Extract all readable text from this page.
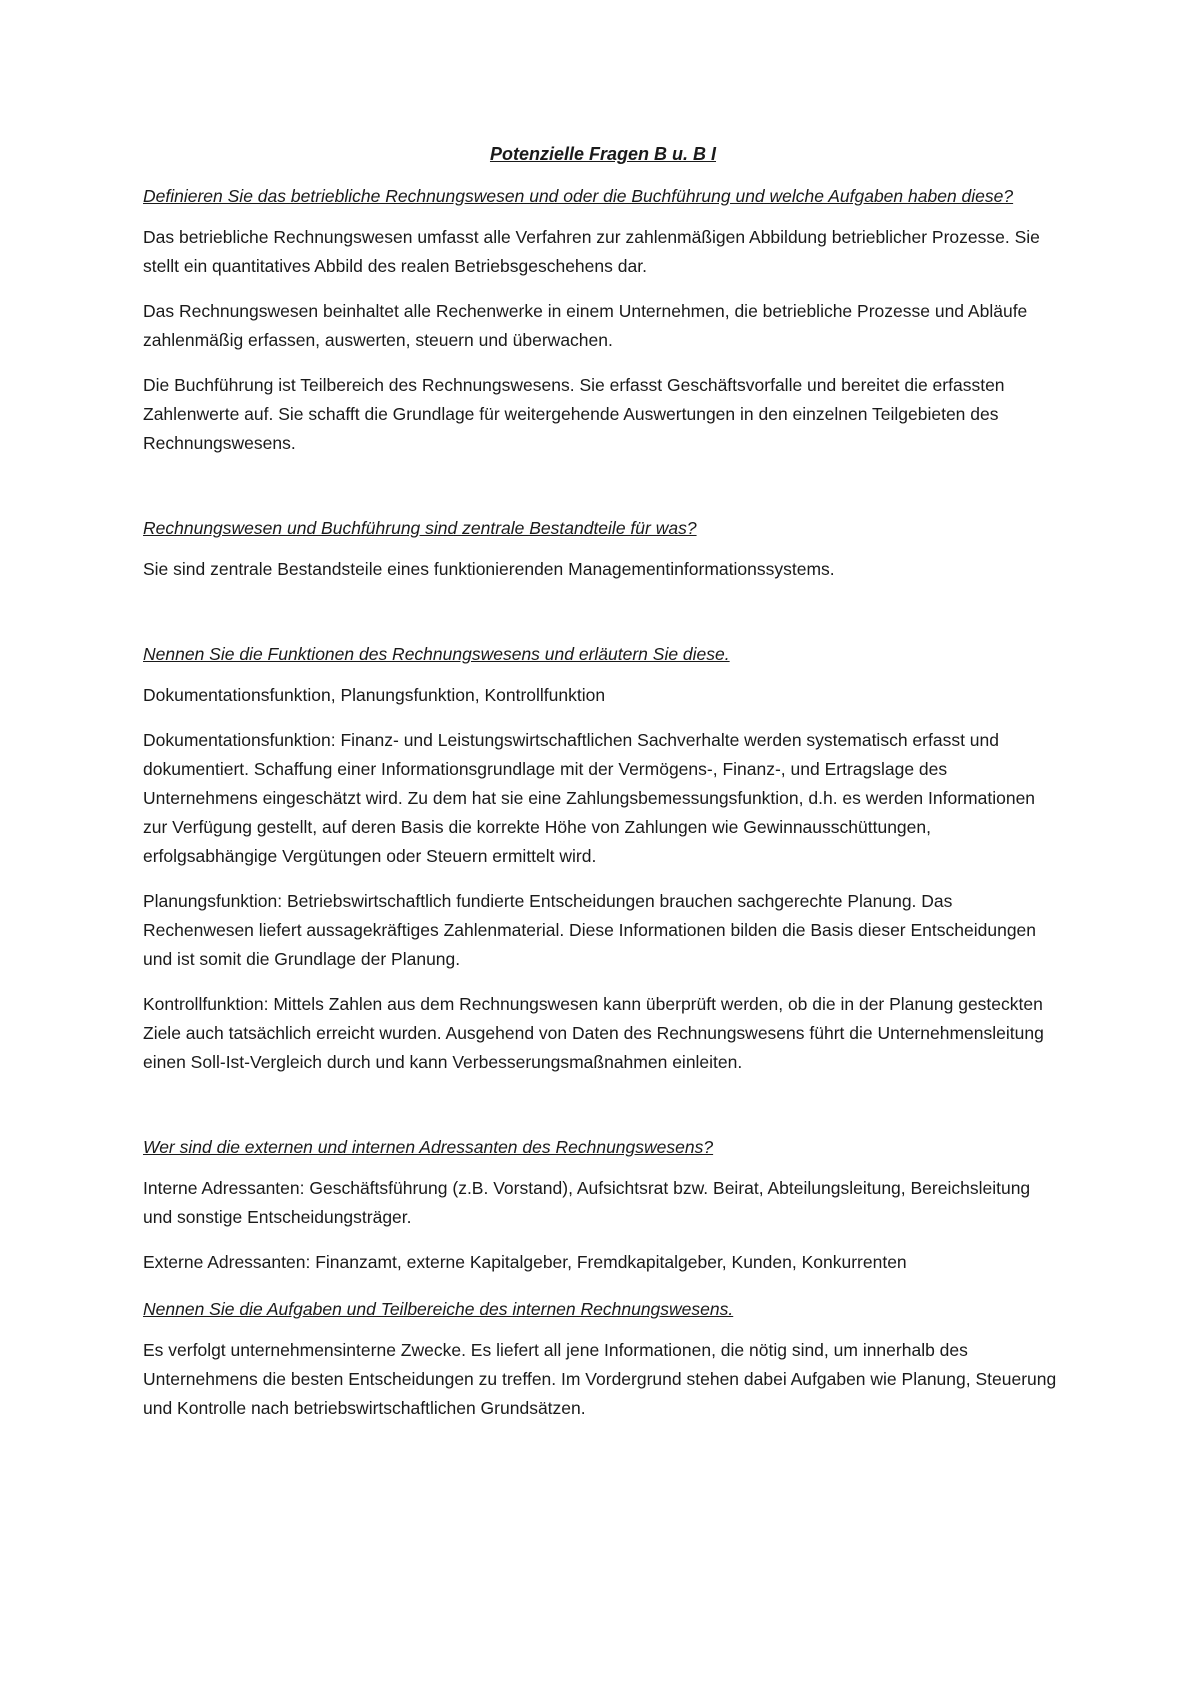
Potenzielle Fragen B u. B I

Definieren Sie das betriebliche Rechnungswesen und oder die Buchführung und welche Aufgaben haben diese?

Das betriebliche Rechnungswesen umfasst alle Verfahren zur zahlenmäßigen Abbildung betrieblicher Prozesse. Sie stellt ein quantitatives Abbild des realen Betriebsgeschehens dar.

Das Rechnungswesen beinhaltet alle Rechenwerke in einem Unternehmen, die betriebliche Prozesse und Abläufe zahlenmäßig erfassen, auswerten, steuern und überwachen.

Die Buchführung ist Teilbereich des Rechnungswesens. Sie erfasst Geschäftsvorfalle und bereitet die erfassten Zahlenwerte auf. Sie schafft die Grundlage für weitergehende Auswertungen in den einzelnen Teilgebieten des Rechnungswesens.

Rechnungswesen und Buchführung sind zentrale Bestandteile für was?

Sie sind zentrale Bestandsteile eines funktionierenden Managementinformationssystems.

Nennen Sie die Funktionen des Rechnungswesens und erläutern Sie diese.

Dokumentationsfunktion, Planungsfunktion, Kontrollfunktion

Dokumentationsfunktion: Finanz- und Leistungswirtschaftlichen Sachverhalte werden systematisch erfasst und dokumentiert. Schaffung einer Informationsgrundlage mit der Vermögens-, Finanz-, und Ertragslage des Unternehmens eingeschätzt wird. Zu dem hat sie eine Zahlungsbemessungsfunktion, d.h. es werden Informationen zur Verfügung gestellt, auf deren Basis die korrekte Höhe von Zahlungen wie Gewinnausschüttungen, erfolgsabhängige Vergütungen oder Steuern ermittelt wird.

Planungsfunktion: Betriebswirtschaftlich fundierte Entscheidungen brauchen sachgerechte Planung. Das Rechenwesen liefert aussagekräftiges Zahlenmaterial. Diese Informationen bilden die Basis dieser Entscheidungen und ist somit die Grundlage der Planung.

Kontrollfunktion: Mittels Zahlen aus dem Rechnungswesen kann überprüft werden, ob die in der Planung gesteckten Ziele auch tatsächlich erreicht wurden. Ausgehend von Daten des Rechnungswesens führt die Unternehmensleitung einen Soll-Ist-Vergleich durch und kann Verbesserungsmaßnahmen einleiten.

Wer sind die externen und internen Adressanten des Rechnungswesens?

Interne Adressanten: Geschäftsführung (z.B. Vorstand), Aufsichtsrat bzw. Beirat, Abteilungsleitung, Bereichsleitung und sonstige Entscheidungsträger.

Externe Adressanten: Finanzamt, externe Kapitalgeber, Fremdkapitalgeber, Kunden, Konkurrenten

Nennen Sie die Aufgaben und Teilbereiche des internen Rechnungswesens.

Es verfolgt unternehmensinterne Zwecke. Es liefert all jene Informationen, die nötig sind, um innerhalb des Unternehmens die besten Entscheidungen zu treffen. Im Vordergrund stehen dabei Aufgaben wie Planung, Steuerung und Kontrolle nach betriebswirtschaftlichen Grundsätzen.
